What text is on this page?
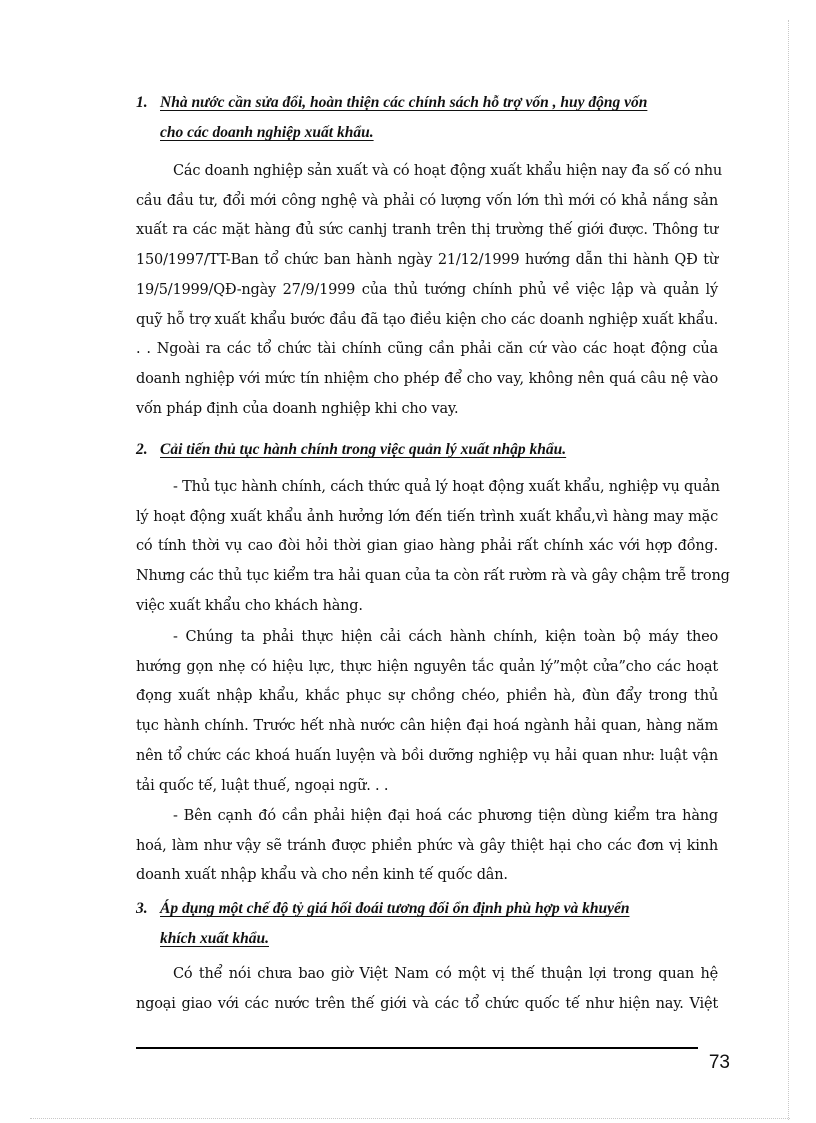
1. Nhà nước cần sửa đổi, hoàn thiện các chính sách hỗ trợ vốn , huy động vốn
cho các doanh nghiệp xuất khẩu.

Các doanh nghiệp sản xuất và có hoạt động xuất khẩu hiện nay đa số có nhu

cầu đầu tư, đổi mới công nghệ và phải có lượng vốn lớn thì mới có khả nắng sản

xuất ra các mặt hàng đủ sức canhj tranh trên thị trường thế giới được. Thông tư

150/1997/TT-Ban tổ chức ban hành ngày 21/12/1999 hướng dẫn thi hành QĐ từ

19/5/1999/QĐ-ngày 27/9/1999 của thủ tướng chính phủ về việc lập và quản lý

quỹ hỗ trợ xuất khẩu bước đầu đã tạo điều kiện cho các doanh nghiệp xuất khẩu.

. . Ngoài ra các tổ chức tài chính cũng cần phải căn cứ vào các hoạt động của

doanh nghiệp với mức tín nhiệm cho phép để cho vay, không nên quá câu nệ vào

vốn pháp định của doanh nghiệp khi cho vay.

2. Cải tiến thủ tục hành chính trong việc quản lý xuất nhập khẩu.

- Thủ tục hành chính, cách thức quả lý hoạt động xuất khẩu, nghiệp vụ quản

lý hoạt động xuất khẩu ảnh hưởng lớn đến tiến trình xuất khẩu,vì hàng may mặc

có tính thời vụ cao đòi hỏi thời gian giao hàng phải rất chính xác với hợp đồng.

Nhưng các thủ tục kiểm tra hải quan của ta còn rất rườm rà và gây chậm trễ trong

việc xuất khẩu cho khách hàng.

- Chúng ta phải thực hiện cải cách hành chính, kiện toàn bộ máy theo

hướng gọn nhẹ có hiệu lực, thực hiện nguyên tắc quản lý”một cửa”cho các hoạt

đọng xuất nhập khẩu, khắc phục sự chồng chéo, phiền hà, đùn đẩy trong thủ

tục hành chính. Trước hết nhà nước cân hiện đại hoá ngành hải quan, hàng năm

nên tổ chức các khoá huấn luyện và bồi dưỡng nghiệp vụ hải quan như: luật vận

tải quốc tế, luật thuế, ngoại ngữ. . .

- Bên cạnh đó cần phải hiện đại hoá các phương tiện dùng kiểm tra hàng

hoá, làm như vậy sẽ tránh được phiền phức và gây thiệt hại cho các đơn vị kinh

doanh xuất nhập khẩu và cho nền kinh tế quốc dân.

3. Áp dụng một chế độ tỷ giá hối đoái tương đối ổn định phù hợp và khuyến
khích xuất khẩu.

Có thể nói chưa bao giờ Việt Nam có một vị thế thuận lợi trong quan hệ

ngoại giao với các nước trên thế giới và các tổ chức quốc tế như hiện nay. Việt

73
